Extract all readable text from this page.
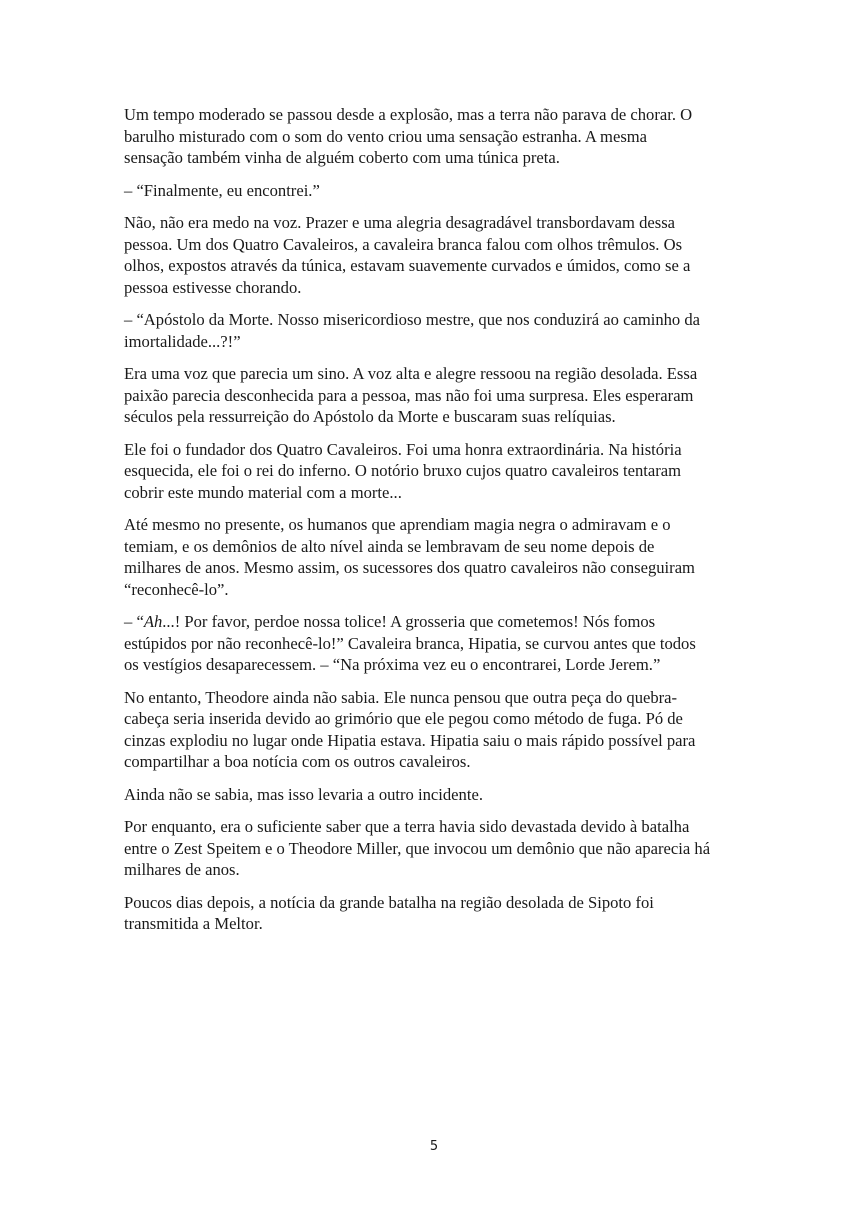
Um tempo moderado se passou desde a explosão, mas a terra não parava de chorar. O
barulho misturado com o som do vento criou uma sensação estranha. A mesma
sensação também vinha de alguém coberto com uma túnica preta.

– “Finalmente, eu encontrei.”

Não, não era medo na voz. Prazer e uma alegria desagradável transbordavam dessa
pessoa. Um dos Quatro Cavaleiros, a cavaleira branca falou com olhos trêmulos. Os
olhos, expostos através da túnica, estavam suavemente curvados e úmidos, como se a
pessoa estivesse chorando.

– “Apóstolo da Morte. Nosso misericordioso mestre, que nos conduzirá ao caminho da
imortalidade...?!”

Era uma voz que parecia um sino. A voz alta e alegre ressoou na região desolada. Essa
paixão parecia desconhecida para a pessoa, mas não foi uma surpresa. Eles esperaram
séculos pela ressurreição do Apóstolo da Morte e buscaram suas relíquias.

Ele foi o fundador dos Quatro Cavaleiros. Foi uma honra extraordinária. Na história
esquecida, ele foi o rei do inferno. O notório bruxo cujos quatro cavaleiros tentaram
cobrir este mundo material com a morte...

Até mesmo no presente, os humanos que aprendiam magia negra o admiravam e o
temiam, e os demônios de alto nível ainda se lembravam de seu nome depois de
milhares de anos. Mesmo assim, os sucessores dos quatro cavaleiros não conseguiram
“reconhecê-lo”.

– “Ah...! Por favor, perdoe nossa tolice! A grosseria que cometemos! Nós fomos
estúpidos por não reconhecê-lo!” Cavaleira branca, Hipatia, se curvou antes que todos
os vestígios desaparecessem. – “Na próxima vez eu o encontrarei, Lorde Jerem.”

No entanto, Theodore ainda não sabia. Ele nunca pensou que outra peça do quebra-
cabeça seria inserida devido ao grimório que ele pegou como método de fuga. Pó de
cinzas explodiu no lugar onde Hipatia estava. Hipatia saiu o mais rápido possível para
compartilhar a boa notícia com os outros cavaleiros.

Ainda não se sabia, mas isso levaria a outro incidente.

Por enquanto, era o suficiente saber que a terra havia sido devastada devido à batalha
entre o Zest Speitem e o Theodore Miller, que invocou um demônio que não aparecia há
milhares de anos.

Poucos dias depois, a notícia da grande batalha na região desolada de Sipoto foi
transmitida a Meltor.

5
